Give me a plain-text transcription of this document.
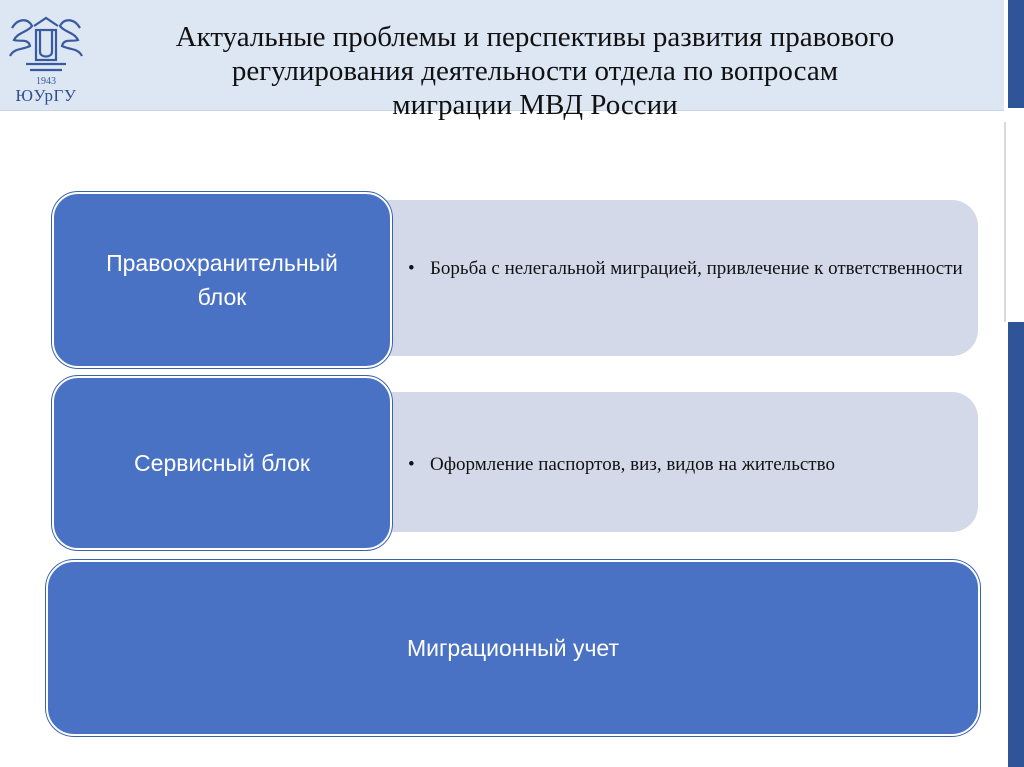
1943
ЮУрГУ
Актуальные проблемы и перспективы развития правового
регулирования деятельности отдела по вопросам
миграции МВД России
• Борьба с нелегальной миграцией, привлечение к ответственности
Правоохранительный
блок
• Оформление паспортов, виз, видов на жительство
Сервисный блок
Миграционный учет
